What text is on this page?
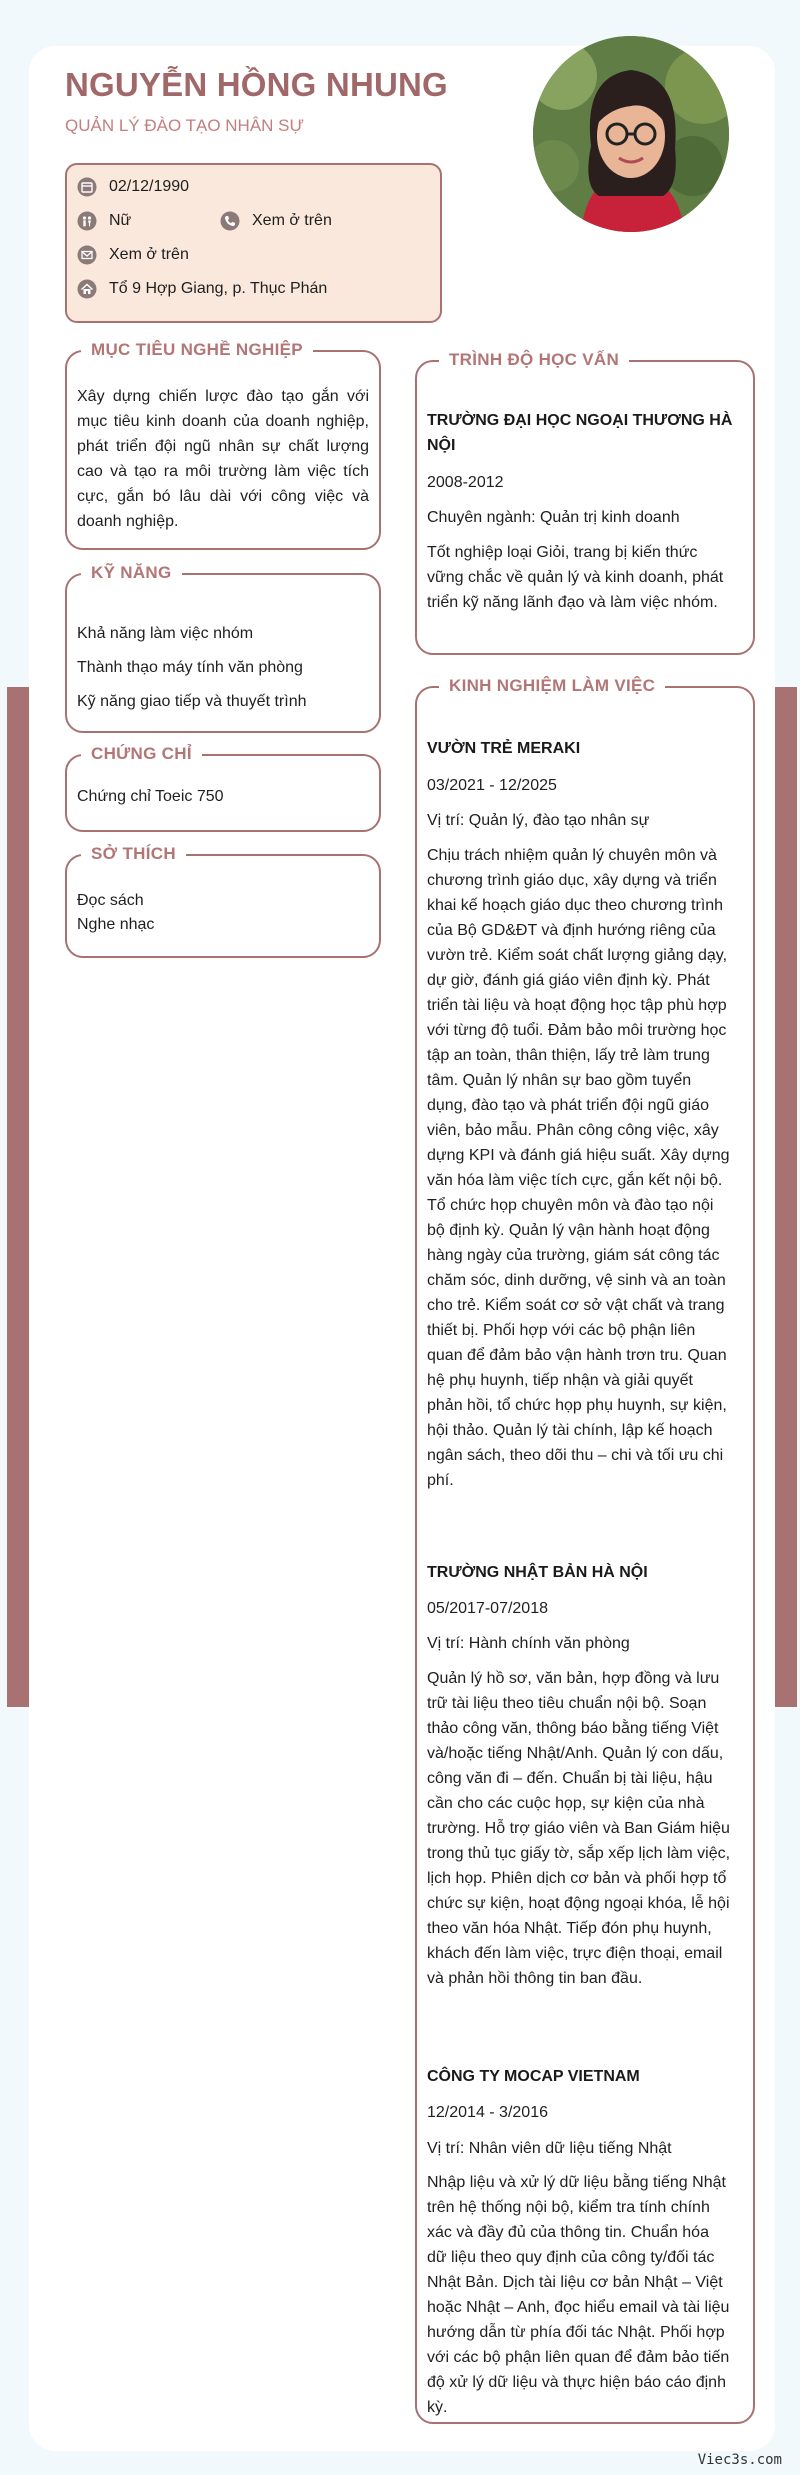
NGUYỄN HỒNG NHUNG
QUẢN LÝ ĐÀO TẠO NHÂN SỰ
02/12/1990
Nữ	Xem ở trên
Xem ở trên
Tổ 9 Hợp Giang, p. Thục Phán
MỤC TIÊU NGHỀ NGHIỆP
Xây dựng chiến lược đào tạo gắn với mục tiêu kinh doanh của doanh nghiệp, phát triển đội ngũ nhân sự chất lượng cao và tạo ra môi trường làm việc tích cực, gắn bó lâu dài với công việc và doanh nghiệp.
KỸ NĂNG
Khả năng làm việc nhóm
Thành thạo máy tính văn phòng
Kỹ năng giao tiếp và thuyết trình
CHỨNG CHỈ
Chứng chỉ Toeic 750
SỞ THÍCH
Đọc sách
Nghe nhạc
TRÌNH ĐỘ HỌC VẤN
TRƯỜNG ĐẠI HỌC NGOẠI THƯƠNG HÀ NỘI
2008-2012
Chuyên ngành: Quản trị kinh doanh
Tốt nghiệp loại Giỏi, trang bị kiến thức vững chắc về quản lý và kinh doanh, phát triển kỹ năng lãnh đạo và làm việc nhóm.
KINH NGHIỆM LÀM VIỆC
VƯỜN TRẺ MERAKI
03/2021 - 12/2025
Vị trí: Quản lý, đào tạo nhân sự
Chịu trách nhiệm quản lý chuyên môn và chương trình giáo dục, xây dựng và triển khai kế hoạch giáo dục theo chương trình của Bộ GD&ĐT và định hướng riêng của vườn trẻ. Kiểm soát chất lượng giảng dạy, dự giờ, đánh giá giáo viên định kỳ. Phát triển tài liệu và hoạt động học tập phù hợp với từng độ tuổi. Đảm bảo môi trường học tập an toàn, thân thiện, lấy trẻ làm trung tâm. Quản lý nhân sự bao gồm tuyển dụng, đào tạo và phát triển đội ngũ giáo viên, bảo mẫu. Phân công công việc, xây dựng KPI và đánh giá hiệu suất. Xây dựng văn hóa làm việc tích cực, gắn kết nội bộ. Tổ chức họp chuyên môn và đào tạo nội bộ định kỳ. Quản lý vận hành hoạt động hàng ngày của trường, giám sát công tác chăm sóc, dinh dưỡng, vệ sinh và an toàn cho trẻ. Kiểm soát cơ sở vật chất và trang thiết bị. Phối hợp với các bộ phận liên quan để đảm bảo vận hành trơn tru. Quan hệ phụ huynh, tiếp nhận và giải quyết phản hồi, tổ chức họp phụ huynh, sự kiện, hội thảo. Quản lý tài chính, lập kế hoạch ngân sách, theo dõi thu – chi và tối ưu chi phí.
TRƯỜNG NHẬT BẢN HÀ NỘI
05/2017-07/2018
Vị trí: Hành chính văn phòng
Quản lý hồ sơ, văn bản, hợp đồng và lưu trữ tài liệu theo tiêu chuẩn nội bộ. Soạn thảo công văn, thông báo bằng tiếng Việt và/hoặc tiếng Nhật/Anh. Quản lý con dấu, công văn đi – đến. Chuẩn bị tài liệu, hậu cần cho các cuộc họp, sự kiện của nhà trường. Hỗ trợ giáo viên và Ban Giám hiệu trong thủ tục giấy tờ, sắp xếp lịch làm việc, lịch họp. Phiên dịch cơ bản và phối hợp tổ chức sự kiện, hoạt động ngoại khóa, lễ hội theo văn hóa Nhật. Tiếp đón phụ huynh, khách đến làm việc, trực điện thoại, email và phản hồi thông tin ban đầu.
CÔNG TY MOCAP VIETNAM
12/2014 - 3/2016
Vị trí: Nhân viên dữ liệu tiếng Nhật
Nhập liệu và xử lý dữ liệu bằng tiếng Nhật trên hệ thống nội bộ, kiểm tra tính chính xác và đầy đủ của thông tin. Chuẩn hóa dữ liệu theo quy định của công ty/đối tác Nhật Bản. Dịch tài liệu cơ bản Nhật – Việt hoặc Nhật – Anh, đọc hiểu email và tài liệu hướng dẫn từ phía đối tác Nhật. Phối hợp với các bộ phận liên quan để đảm bảo tiến độ xử lý dữ liệu và thực hiện báo cáo định kỳ.
Viec3s.com
